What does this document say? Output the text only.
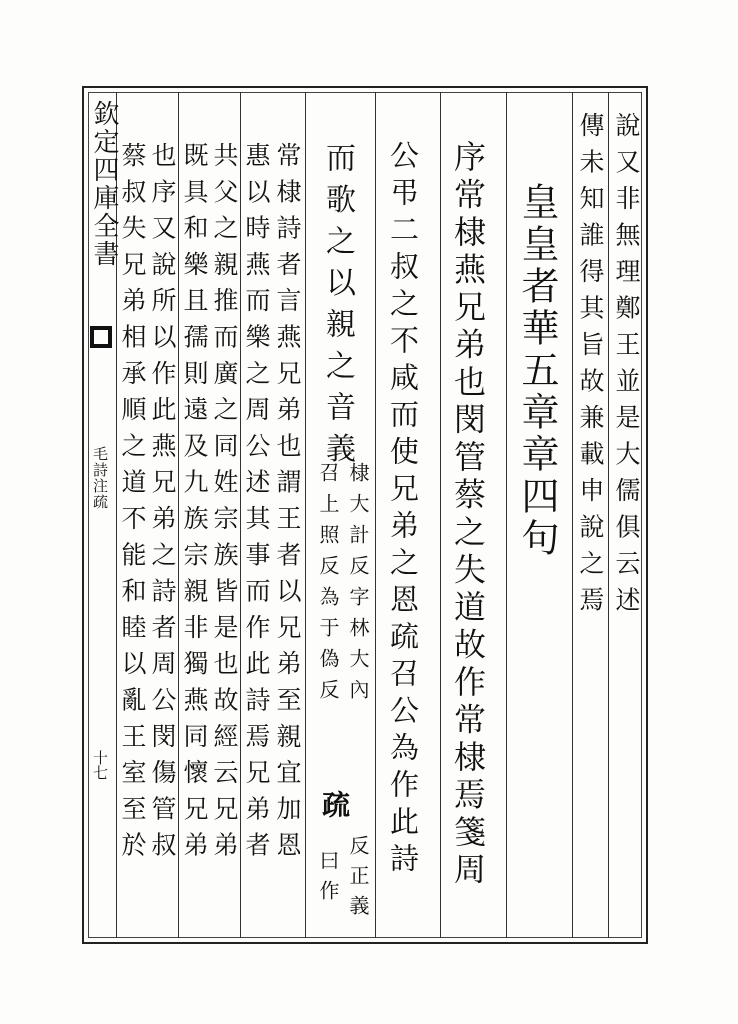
欽定四庫全書
毛詩注疏
十七
說又非無理鄭王並是大儒俱云述
傳未知誰得其旨故兼載申說之焉
皇皇者華五章章四句
序常棣燕兄弟也閔管蔡之失道故作常棣焉箋周
公弔二叔之不咸而使兄弟之恩疏召公為作此詩
而歌之以親之音義
棣大計反字林大內
召上照反為于偽反
疏
反正義
曰作
常棣詩者言燕兄弟也謂王者以兄弟至親宜加恩
惠以時燕而樂之周公述其事而作此詩焉兄弟者
共父之親推而廣之同姓宗族皆是也故經云兄弟
既具和樂且孺則遠及九族宗親非獨燕同懷兄弟
也序又說所以作此燕兄弟之詩者周公閔傷管叔
蔡叔失兄弟相承順之道不能和睦以亂王室至於
